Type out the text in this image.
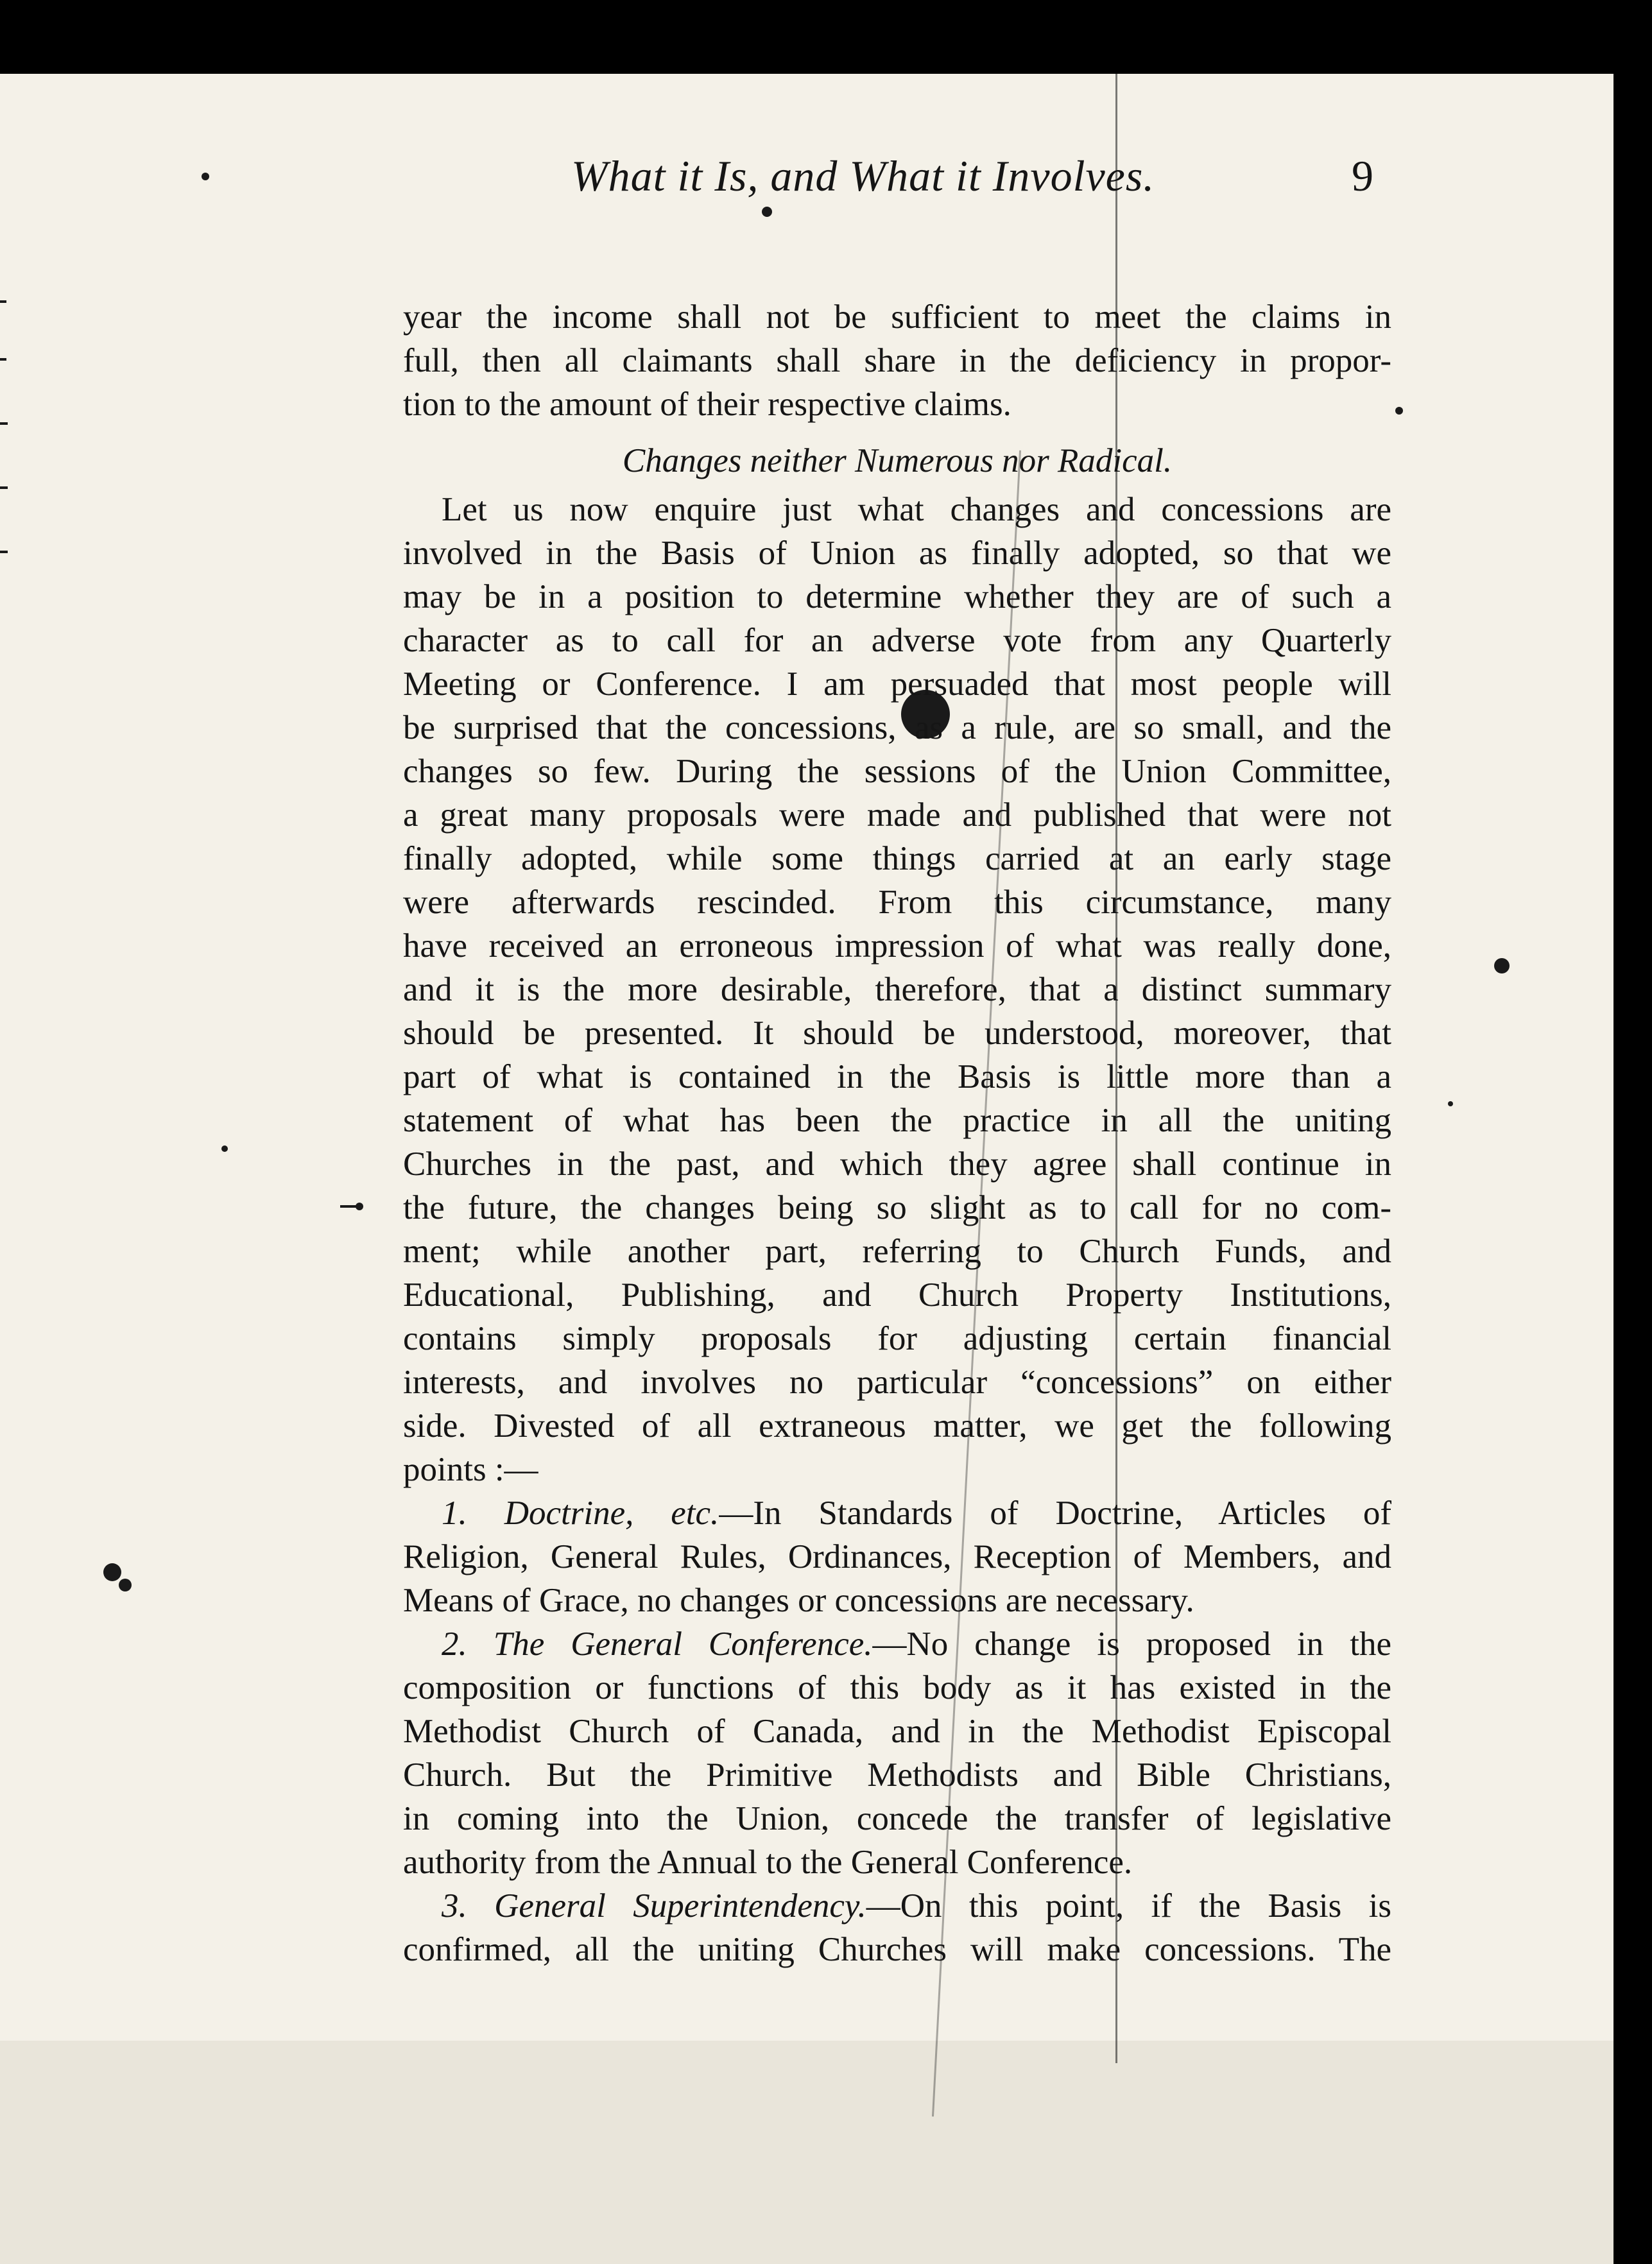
What it Is, and What it Involves.	9
year the income shall not be sufficient to meet the claims in
full, then all claimants shall share in the deficiency in propor-
tion to the amount of their respective claims.
Changes neither Numerous nor Radical.
Let us now enquire just what changes and concessions are
involved in the Basis of Union as finally adopted, so that we
may be in a position to determine whether they are of such a
character as to call for an adverse vote from any Quarterly
Meeting or Conference. I am persuaded that most people will
be surprised that the concessions, as a rule, are so small, and the
changes so few. During the sessions of the Union Committee,
a great many proposals were made and published that were not
finally adopted, while some things carried at an early stage
were afterwards rescinded. From this circumstance, many
have received an erroneous impression of what was really done,
and it is the more desirable, therefore, that a distinct summary
should be presented. It should be understood, moreover, that
part of what is contained in the Basis is little more than a
statement of what has been the practice in all the uniting
Churches in the past, and which they agree shall continue in
the future, the changes being so slight as to call for no com-
ment; while another part, referring to Church Funds, and
Educational, Publishing, and Church Property Institutions,
contains simply proposals for adjusting certain financial
interests, and involves no particular “concessions” on either
side. Divested of all extraneous matter, we get the following
points :—
1. Doctrine, etc.—In Standards of Doctrine, Articles of
Religion, General Rules, Ordinances, Reception of Members, and
Means of Grace, no changes or concessions are necessary.
2. The General Conference.—No change is proposed in the
composition or functions of this body as it has existed in the
Methodist Church of Canada, and in the Methodist Episcopal
Church. But the Primitive Methodists and Bible Christians,
in coming into the Union, concede the transfer of legislative
authority from the Annual to the General Conference.
3. General Superintendency.—On this point, if the Basis is
confirmed, all the uniting Churches will make concessions. The
